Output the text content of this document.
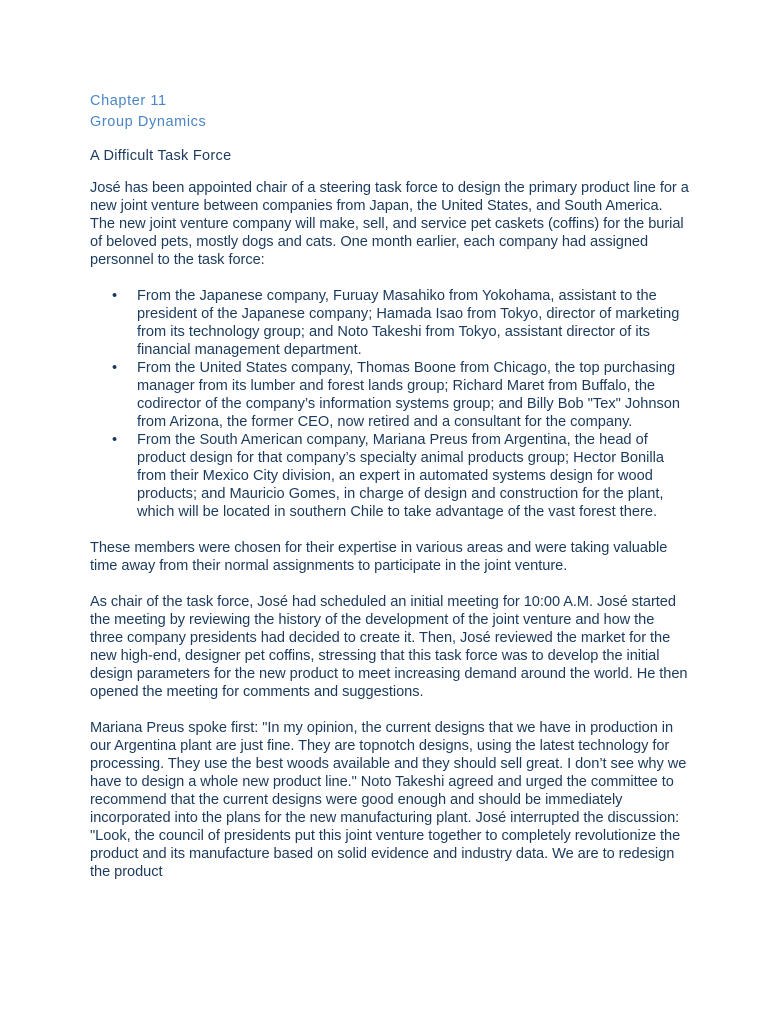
Chapter 11
Group Dynamics
A Difficult Task Force

José has been appointed chair of a steering task force to design the primary product line for a new joint venture between companies from Japan, the United States, and South America. The new joint venture company will make, sell, and service pet caskets (coffins) for the burial of beloved pets, mostly dogs and cats. One month earlier, each company had assigned personnel to the task force:

• From the Japanese company, Furuay Masahiko from Yokohama, assistant to the president of the Japanese company; Hamada Isao from Tokyo, director of marketing from its technology group; and Noto Takeshi from Tokyo, assistant director of its financial management department.
• From the United States company, Thomas Boone from Chicago, the top purchasing manager from its lumber and forest lands group; Richard Maret from Buffalo, the codirector of the company’s information systems group; and Billy Bob "Tex" Johnson from Arizona, the former CEO, now retired and a consultant for the company.
• From the South American company, Mariana Preus from Argentina, the head of product design for that company’s specialty animal products group; Hector Bonilla from their Mexico City division, an expert in automated systems design for wood products; and Mauricio Gomes, in charge of design and construction for the plant, which will be located in southern Chile to take advantage of the vast forest there.

These members were chosen for their expertise in various areas and were taking valuable time away from their normal assignments to participate in the joint venture.

As chair of the task force, José had scheduled an initial meeting for 10:00 A.M. José started the meeting by reviewing the history of the development of the joint venture and how the three company presidents had decided to create it. Then, José reviewed the market for the new high-end, designer pet coffins, stressing that this task force was to develop the initial design parameters for the new product to meet increasing demand around the world. He then opened the meeting for comments and suggestions.

Mariana Preus spoke first: "In my opinion, the current designs that we have in production in our Argentina plant are just fine. They are topnotch designs, using the latest technology for processing. They use the best woods available and they should sell great. I don’t see why we have to design a whole new product line." Noto Takeshi agreed and urged the committee to recommend that the current designs were good enough and should be immediately incorporated into the plans for the new manufacturing plant. José interrupted the discussion: "Look, the council of presidents put this joint venture together to completely revolutionize the product and its manufacture based on solid evidence and industry data. We are to redesign the product
